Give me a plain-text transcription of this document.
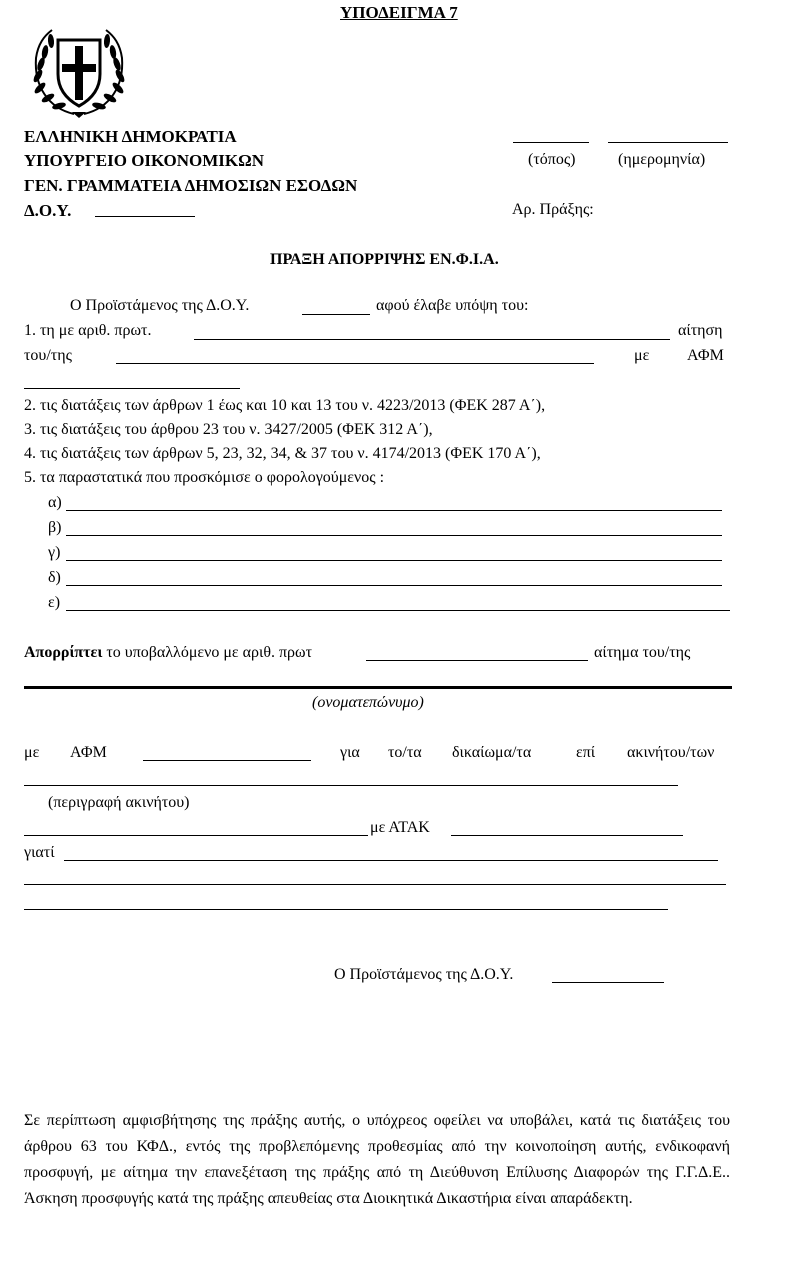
ΥΠΟΔΕΙΓΜΑ 7
ΕΛΛΗΝΙΚΗ ΔΗΜΟΚΡΑΤΙΑ
ΥΠΟΥΡΓΕΙΟ ΟΙΚΟΝΟΜΙΚΩΝ
ΓΕΝ. ΓΡΑΜΜΑΤΕΙΑ ΔΗΜΟΣΙΩΝ ΕΣΟΔΩΝ
Δ.Ο.Υ.
(τόπος)	(ημερομηνία)
Αρ. Πράξης:
ΠΡΑΞΗ ΑΠΟΡΡΙΨΗΣ ΕΝ.Φ.Ι.Α.
Ο Προϊστάμενος της Δ.Ο.Υ.	αφού έλαβε υπόψη του:
1. τη με αριθ. πρωτ.	αίτηση
του/της	με ΑΦΜ
2. τις διατάξεις των άρθρων 1 έως και 10 και 13 του ν. 4223/2013 (ΦΕΚ 287 Α΄),
3. τις διατάξεις του άρθρου 23 του ν. 3427/2005 (ΦΕΚ 312 Α΄),
4. τις διατάξεις των άρθρων 5, 23, 32, 34, & 37 του ν. 4174/2013 (ΦΕΚ 170 Α΄),
5. τα παραστατικά που προσκόμισε ο φορολογούμενος :
α)
β)
γ)
δ)
ε)
Απορρίπτει το υποβαλλόμενο με αριθ. πρωτ	αίτημα του/της
(ονοματεπώνυμο)
με ΑΦΜ	για το/τα δικαίωμα/τα	επί ακινήτου/των
(περιγραφή ακινήτου)
με ΑΤΑΚ
γιατί
Ο Προϊστάμενος της Δ.Ο.Υ.
Σε περίπτωση αμφισβήτησης της πράξης αυτής, ο υπόχρεος οφείλει να υποβάλει, κατά τις διατάξεις του άρθρου 63 του ΚΦΔ., εντός της προβλεπόμενης προθεσμίας από την κοινοποίηση αυτής, ενδικοφανή προσφυγή, με αίτημα την επανεξέταση της πράξης από τη Διεύθυνση Επίλυσης Διαφορών της Γ.Γ.Δ.Ε.. Άσκηση προσφυγής κατά της πράξης απευθείας στα Διοικητικά Δικαστήρια είναι απαράδεκτη.
